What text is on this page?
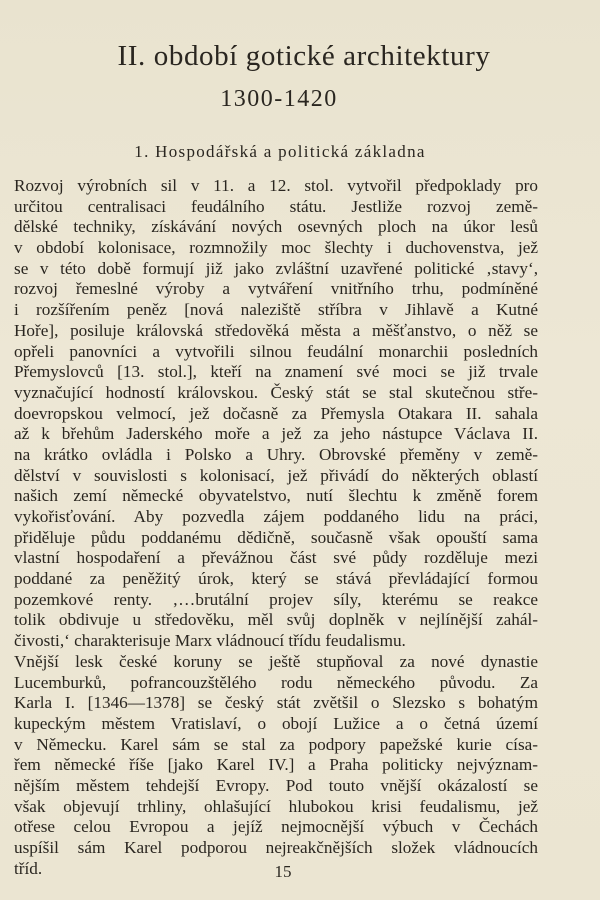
II. období gotické architektury
1300-1420
1. Hospodářská a politická základna
Rozvoj výrobních sil v 11. a 12. stol. vytvořil předpoklady pro
určitou centralisaci feudálního státu. Jestliže rozvoj země-
dělské techniky, získávání nových osevných ploch na úkor lesů
v období kolonisace, rozmnožily moc šlechty i duchovenstva, jež
se v této době formují již jako zvláštní uzavřené politické ‚stavy‘,
rozvoj řemeslné výroby a vytváření vnitřního trhu, podmíněné
i rozšířením peněz [nová naleziště stříbra v Jihlavě a Kutné
Hoře], posiluje královská středověká města a měšťanstvo, o něž se
opřeli panovníci a vytvořili silnou feudální monarchii posledních
Přemyslovců [13. stol.], kteří na znamení své moci se již trvale
vyznačující hodností královskou. Český stát se stal skutečnou stře-
doevropskou velmocí, jež dočasně za Přemysla Otakara II. sahala
až k břehům Jaderského moře a jež za jeho nástupce Václava II.
na krátko ovládla i Polsko a Uhry. Obrovské přeměny v země-
dělství v souvislosti s kolonisací, jež přivádí do některých oblastí
našich zemí německé obyvatelstvo, nutí šlechtu k změně forem
vykořisťování. Aby pozvedla zájem poddaného lidu na práci,
přiděluje půdu poddanému dědičně, současně však opouští sama
vlastní hospodaření a převážnou část své půdy rozděluje mezi
poddané za peněžitý úrok, který se stává převládající formou
pozemkové renty. ‚…brutální projev síly, kterému se reakce
tolik obdivuje u středověku, měl svůj doplněk v nejlínější zahál-
čivosti,‘ charakterisuje Marx vládnoucí třídu feudalismu.
Vnější lesk české koruny se ještě stupňoval za nové dynastie
Lucemburků, pofrancouzštělého rodu německého původu. Za
Karla I. [1346—1378] se český stát zvětšil o Slezsko s bohatým
kupeckým městem Vratislaví, o obojí Lužice a o četná území
v Německu. Karel sám se stal za podpory papežské kurie císa-
řem německé říše [jako Karel IV.] a Praha politicky nejvýznam-
nějším městem tehdejší Evropy. Pod touto vnější okázalostí se
však objevují trhliny, ohlašující hlubokou krisi feudalismu, jež
otřese celou Evropou a jejíž nejmocnější výbuch v Čechách
uspíšil sám Karel podporou nejreakčnějších složek vládnoucích
tříd.	15
